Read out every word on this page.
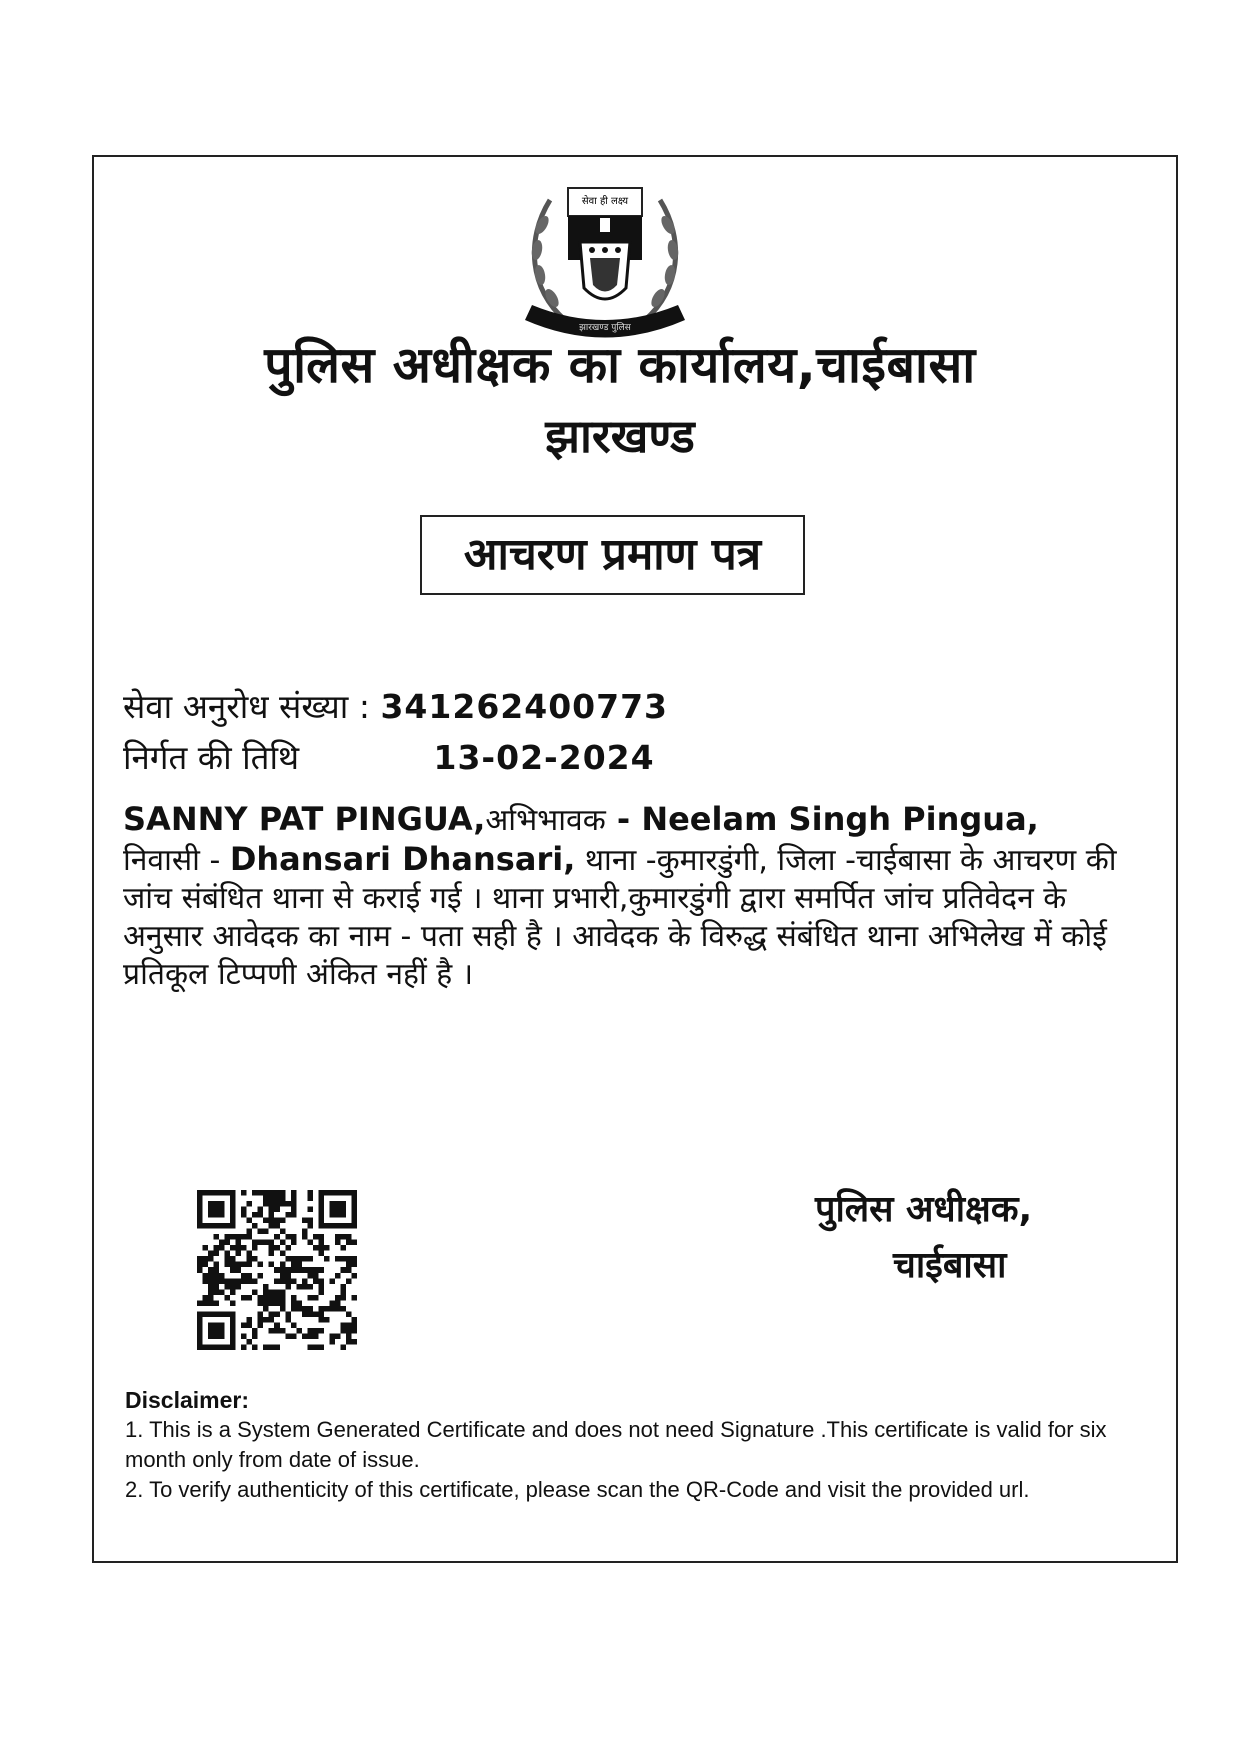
सेवा ही लक्ष्य
झारखण्ड पुलिस
पुलिस अधीक्षक का कार्यालय,चाईबासा
झारखण्ड
आचरण प्रमाण पत्र
सेवा अनुरोध संख्या : 341262400773
निर्गत की तिथि	13-02-2024
SANNY PAT PINGUA,अभिभावक - Neelam Singh Pingua,
निवासी - Dhansari Dhansari, थाना -कुमारडुंगी, जिला -चाईबासा के आचरण की जांच संबंधित थाना से कराई गई । थाना प्रभारी,कुमारडुंगी द्वारा समर्पित जांच प्रतिवेदन के अनुसार आवेदक का नाम - पता सही है । आवेदक के विरुद्ध संबंधित थाना अभिलेख में कोई प्रतिकूल टिप्पणी अंकित नहीं है ।
पुलिस अधीक्षक,
चाईबासा
Disclaimer:
1. This is a System Generated Certificate and does not need Signature .This certificate is valid for six month only from date of issue.
2. To verify authenticity of this certificate, please scan the QR-Code and visit the provided url.
